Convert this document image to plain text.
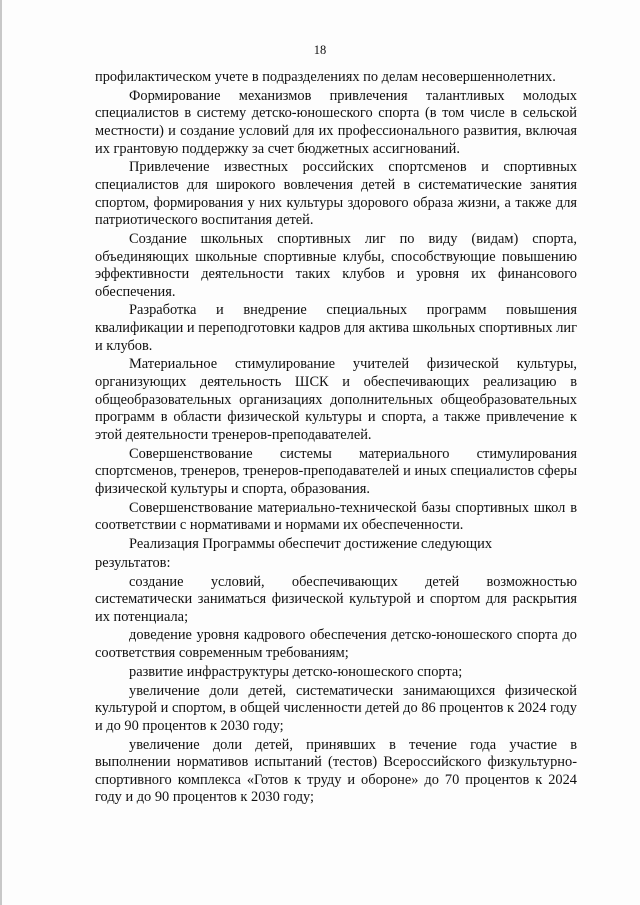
18

профилактическом учете в подразделениях по делам несовершеннолетних.

Формирование механизмов привлечения талантливых молодых специалистов в систему детско-юношеского спорта (в том числе в сельской местности) и создание условий для их профессионального развития, включая их грантовую поддержку за счет бюджетных ассигнований.

Привлечение известных российских спортсменов и спортивных специалистов для широкого вовлечения детей в систематические занятия спортом, формирования у них культуры здорового образа жизни, а также для патриотического воспитания детей.

Создание школьных спортивных лиг по виду (видам) спорта, объединяющих школьные спортивные клубы, способствующие повышению эффективности деятельности таких клубов и уровня их финансового обеспечения.

Разработка и внедрение специальных программ повышения квалификации и переподготовки кадров для актива школьных спортивных лиг и клубов.

Материальное стимулирование учителей физической культуры, организующих деятельность ШСК и обеспечивающих реализацию в общеобразовательных организациях дополнительных общеобразовательных программ в области физической культуры и спорта, а также привлечение к этой деятельности тренеров-преподавателей.

Совершенствование системы материального стимулирования спортсменов, тренеров, тренеров-преподавателей и иных специалистов сферы физической культуры и спорта, образования.

Совершенствование материально-технической базы спортивных школ в соответствии с нормативами и нормами их обеспеченности.

Реализация Программы обеспечит достижение следующих

результатов:

создание условий, обеспечивающих детей возможностью систематически заниматься физической культурой и спортом для раскрытия их потенциала;

доведение уровня кадрового обеспечения детско-юношеского спорта до соответствия современным требованиям;

развитие инфраструктуры детско-юношеского спорта;

увеличение доли детей, систематически занимающихся физической культурой и спортом, в общей численности детей до 86 процентов к 2024 году и до 90 процентов к 2030 году;

увеличение доли детей, принявших в течение года участие в выполнении нормативов испытаний (тестов) Всероссийского физкультурно-спортивного комплекса «Готов к труду и обороне» до 70 процентов к 2024 году и до 90 процентов к 2030 году;
